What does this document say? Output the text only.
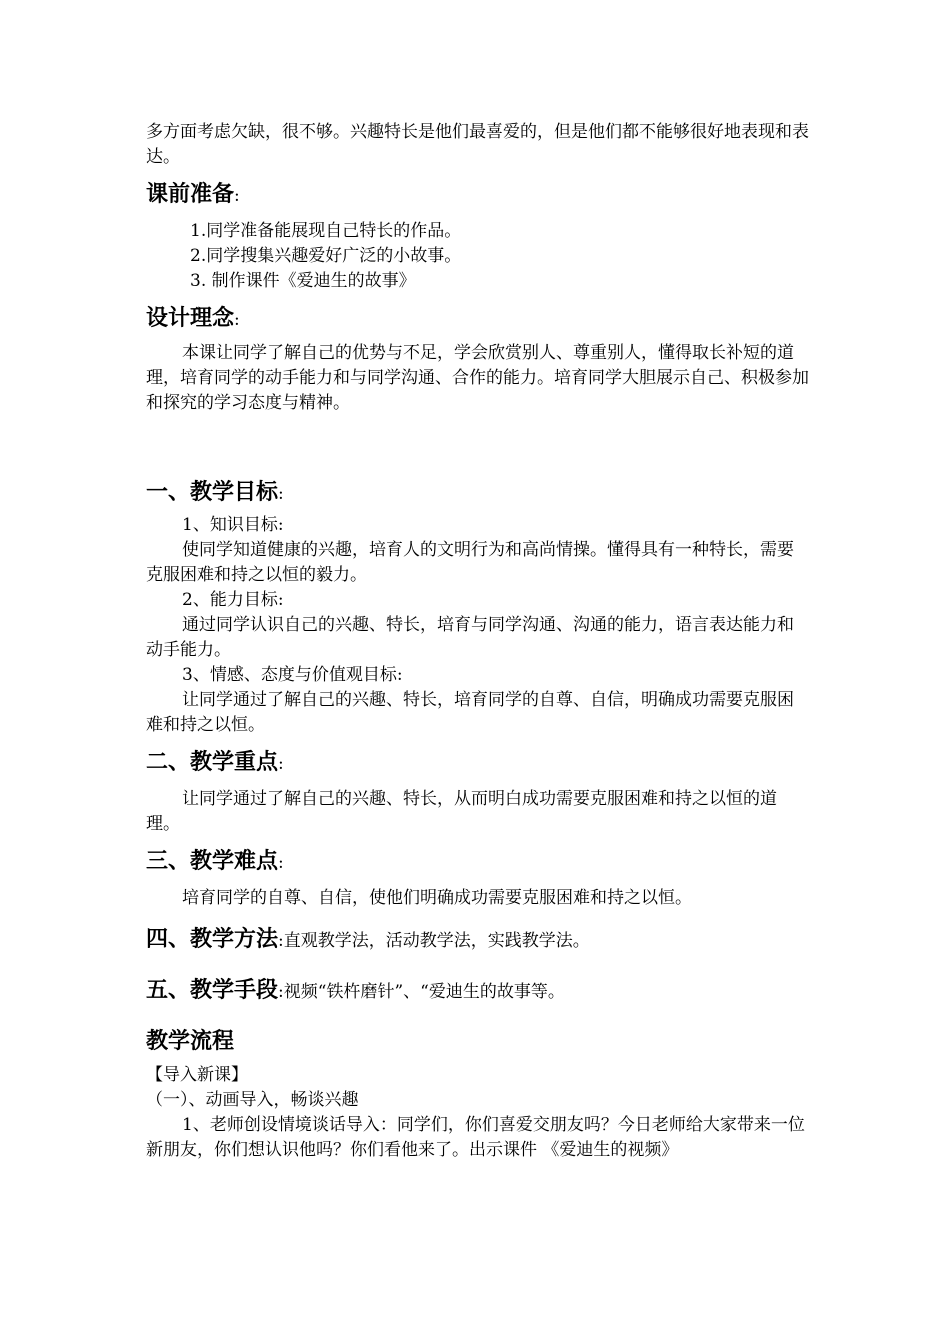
多方面考虑欠缺，很不够。兴趣特长是他们最喜爱的，但是他们都不能够很好地表现和表达。

课前准备:

1.同学准备能展现自己特长的作品。

2.同学搜集兴趣爱好广泛的小故事。

3. 制作课件《爱迪生的故事》

设计理念:

本课让同学了解自己的优势与不足，学会欣赏别人、尊重别人，懂得取长补短的道理，培育同学的动手能力和与同学沟通、合作的能力。培育同学大胆展示自己、积极参加和探究的学习态度与精神。

一、教学目标:

1、知识目标:

使同学知道健康的兴趣，培育人的文明行为和高尚情操。懂得具有一种特长，需要克服困难和持之以恒的毅力。

2、能力目标:

通过同学认识自己的兴趣、特长，培育与同学沟通、沟通的能力，语言表达能力和动手能力。

3、情感、态度与价值观目标:

让同学通过了解自己的兴趣、特长，培育同学的自尊、自信，明确成功需要克服困难和持之以恒。

二、教学重点:

让同学通过了解自己的兴趣、特长，从而明白成功需要克服困难和持之以恒的道理。

三、教学难点:

培育同学的自尊、自信，使他们明确成功需要克服困难和持之以恒。

四、教学方法:直观教学法，活动教学法，实践教学法。
五、教学手段:视频“铁杵磨针”、“爱迪生的故事等。
教学流程

【导入新课】

（一）、动画导入，畅谈兴趣

1、老师创设情境谈话导入：同学们，你们喜爱交朋友吗？今日老师给大家带来一位新朋友，你们想认识他吗？你们看他来了。出示课件 《爱迪生的视频》
